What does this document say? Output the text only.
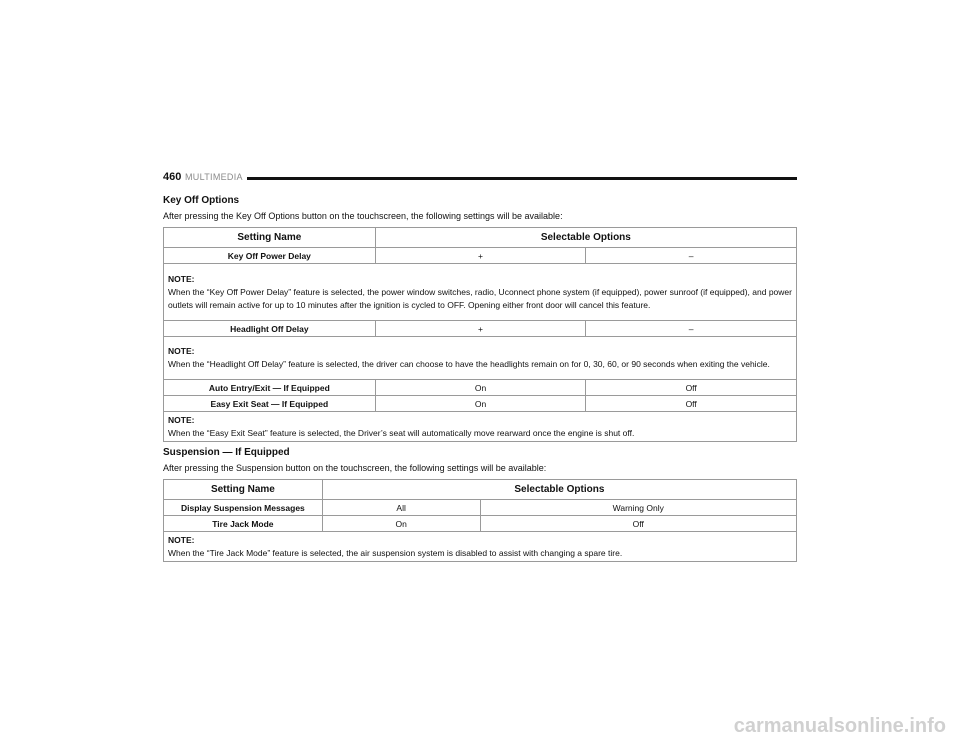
460 MULTIMEDIA
Key Off Options
After pressing the Key Off Options button on the touchscreen, the following settings will be available:
Setting Name	Selectable Options	
Key Off Power Delay	+	–

NOTE:
When the “Key Off Power Delay” feature is selected, the power window switches, radio, Uconnect phone system (if equipped), power sunroof (if equipped), and power outlets will remain active for up to 10 minutes after the ignition is cycled to OFF. Opening either front door will cancel this feature.		
Headlight Off Delay	+	–

NOTE:
When the “Headlight Off Delay” feature is selected, the driver can choose to have the headlights remain on for 0, 30, 60, or 90 seconds when exiting the vehicle.		
Auto Entry/Exit — If Equipped	On	Off
Easy Exit Seat — If Equipped	On	Off

NOTE:
When the “Easy Exit Seat” feature is selected, the Driver’s seat will automatically move rearward once the engine is shut off.		
Suspension — If Equipped
After pressing the Suspension button on the touchscreen, the following settings will be available:
Setting Name	Selectable Options	
Display Suspension Messages	All	Warning Only
Tire Jack Mode	On	Off

NOTE:
When the “Tire Jack Mode” feature is selected, the air suspension system is disabled to assist with changing a spare tire.		
carmanualsonline.info
